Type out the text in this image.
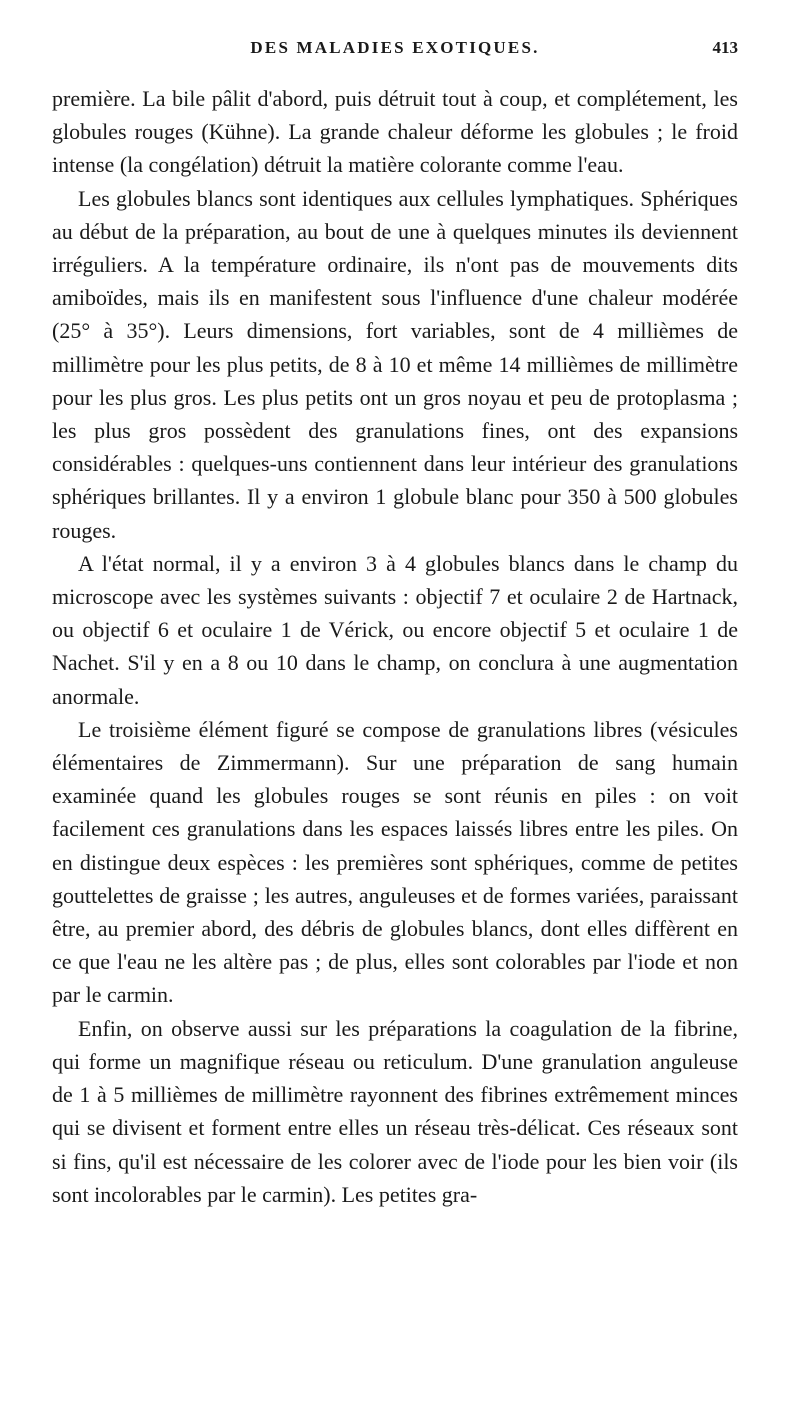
DES MALADIES EXOTIQUES.	413

première. La bile pâlit d'abord, puis détruit tout à coup, et complétement, les globules rouges (Kühne). La grande chaleur déforme les globules ; le froid intense (la congélation) détruit la matière colorante comme l'eau.

Les globules blancs sont identiques aux cellules lymphatiques. Sphériques au début de la préparation, au bout de une à quelques minutes ils deviennent irréguliers. A la température ordinaire, ils n'ont pas de mouvements dits amiboïdes, mais ils en manifestent sous l'influence d'une chaleur modérée (25° à 35°). Leurs dimensions, fort variables, sont de 4 millièmes de millimètre pour les plus petits, de 8 à 10 et même 14 millièmes de millimètre pour les plus gros. Les plus petits ont un gros noyau et peu de protoplasma ; les plus gros possèdent des granulations fines, ont des expansions considérables : quelques-uns contiennent dans leur intérieur des granulations sphériques brillantes. Il y a environ 1 globule blanc pour 350 à 500 globules rouges.

A l'état normal, il y a environ 3 à 4 globules blancs dans le champ du microscope avec les systèmes suivants : objectif 7 et oculaire 2 de Hartnack, ou objectif 6 et oculaire 1 de Vérick, ou encore objectif 5 et oculaire 1 de Nachet. S'il y en a 8 ou 10 dans le champ, on conclura à une augmentation anormale.

Le troisième élément figuré se compose de granulations libres (vésicules élémentaires de Zimmermann). Sur une préparation de sang humain examinée quand les globules rouges se sont réunis en piles : on voit facilement ces granulations dans les espaces laissés libres entre les piles. On en distingue deux espèces : les premières sont sphériques, comme de petites gouttelettes de graisse ; les autres, anguleuses et de formes variées, paraissant être, au premier abord, des débris de globules blancs, dont elles diffèrent en ce que l'eau ne les altère pas ; de plus, elles sont colorables par l'iode et non par le carmin.

Enfin, on observe aussi sur les préparations la coagulation de la fibrine, qui forme un magnifique réseau ou reticulum. D'une granulation anguleuse de 1 à 5 millièmes de millimètre rayonnent des fibrines extrêmement minces qui se divisent et forment entre elles un réseau très-délicat. Ces réseaux sont si fins, qu'il est nécessaire de les colorer avec de l'iode pour les bien voir (ils sont incolorables par le carmin). Les petites gra-
